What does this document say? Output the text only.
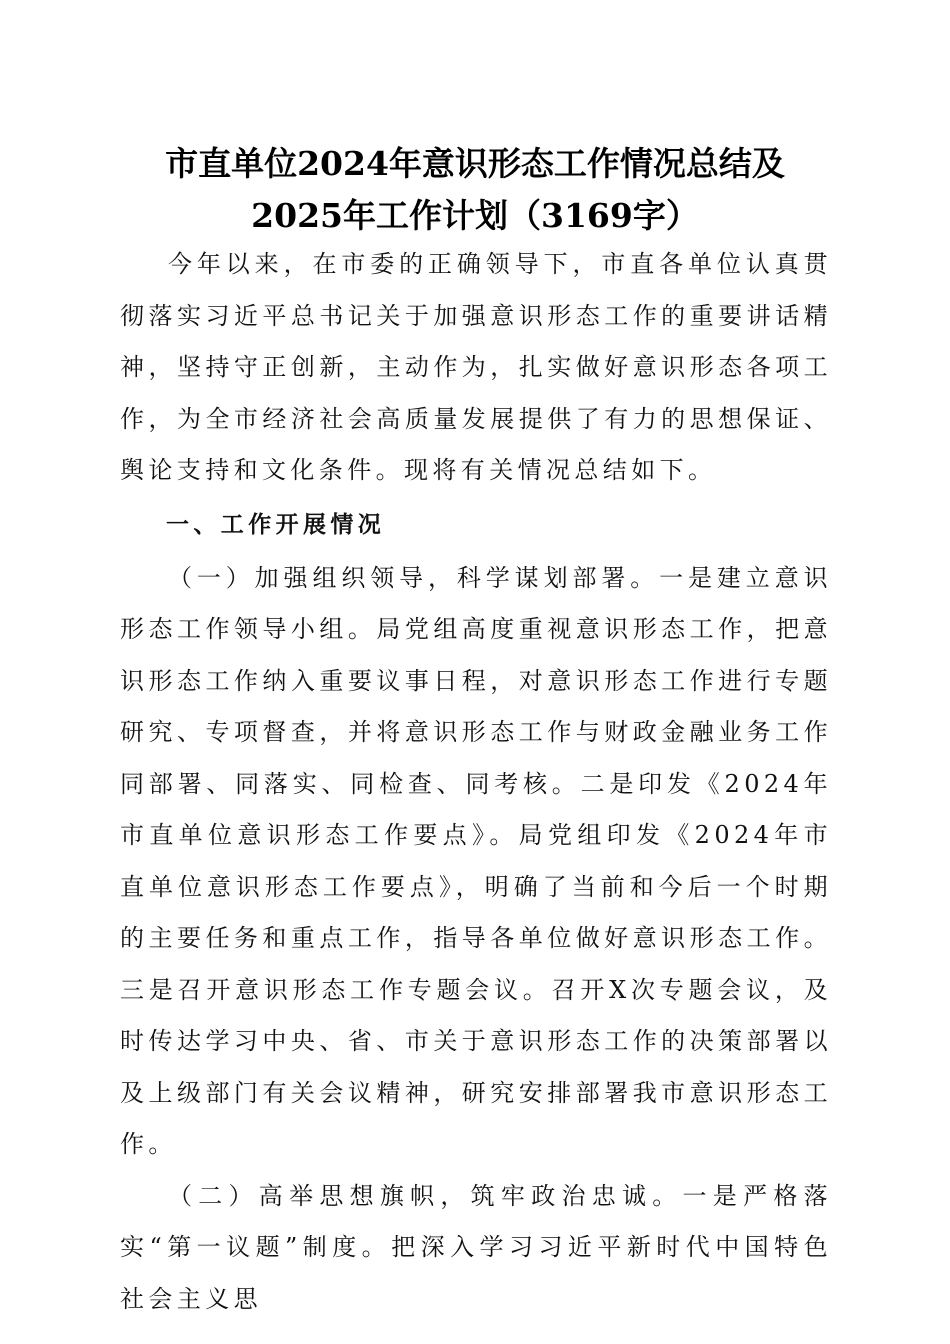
市直单位2024年意识形态工作情况总结及
2025年工作计划（3169字）

今年以来，在市委的正确领导下，市直各单位认真贯彻落实习近平总书记关于加强意识形态工作的重要讲话精神，坚持守正创新，主动作为，扎实做好意识形态各项工作，为全市经济社会高质量发展提供了有力的思想保证、舆论支持和文化条件。现将有关情况总结如下。

一、工作开展情况

（一）加强组织领导，科学谋划部署。一是建立意识形态工作领导小组。局党组高度重视意识形态工作，把意识形态工作纳入重要议事日程，对意识形态工作进行专题研究、专项督查，并将意识形态工作与财政金融业务工作同部署、同落实、同检查、同考核。二是印发《2024年市直单位意识形态工作要点》。局党组印发《2024年市直单位意识形态工作要点》，明确了当前和今后一个时期的主要任务和重点工作，指导各单位做好意识形态工作。三是召开意识形态工作专题会议。召开X次专题会议，及时传达学习中央、省、市关于意识形态工作的决策部署以及上级部门有关会议精神，研究安排部署我市意识形态工作。

（二）高举思想旗帜，筑牢政治忠诚。一是严格落实“第一议题”制度。把深入学习习近平新时代中国特色社会主义思
